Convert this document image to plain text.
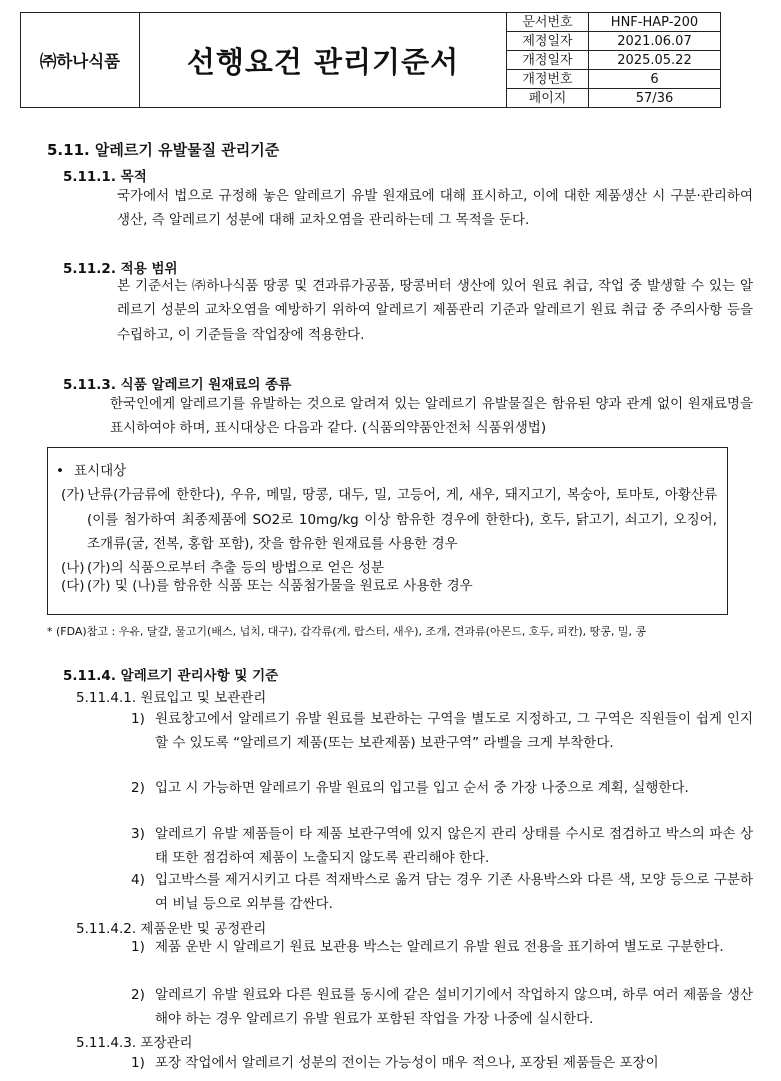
㈜하나식품	선행요건 관리기준서	문서번호	HNF-HAP-200
		제정일자	2021.06.07
		개정일자	2025.05.22
		개정번호	6
		페이지	57/36
5.11. 알레르기 유발물질 관리기준
5.11.1. 목적
국가에서 법으로 규정해 놓은 알레르기 유발 원재료에 대해 표시하고, 이에 대한 제품생산 시 구분·관리하여 생산, 즉 알레르기 성분에 대해 교차오염을 관리하는데 그 목적을 둔다.
5.11.2. 적용 범위
본 기준서는 ㈜하나식품 땅콩 및 견과류가공품, 땅콩버터 생산에 있어 원료 취급, 작업 중 발생할 수 있는 알레르기 성분의 교차오염을 예방하기 위하여 알레르기 제품관리 기준과 알레르기 원료 취급 중 주의사항 등을 수립하고, 이 기준들을 작업장에 적용한다.
5.11.3. 식품 알레르기 원재료의 종류
한국인에게 알레르기를 유발하는 것으로 알려져 있는 알레르기 유발물질은 함유된 양과 관계 없이 원재료명을 표시하여야 하며, 표시대상은 다음과 같다. (식품의약품안전처 식품위생법)
• 표시대상
(가) 난류(가금류에 한한다), 우유, 메밀, 땅콩, 대두, 밀, 고등어, 게, 새우, 돼지고기, 복숭아, 토마토, 아황산류(이를 첨가하여 최종제품에 SO2로 10mg/kg 이상 함유한 경우에 한한다), 호두, 닭고기, 쇠고기, 오징어, 조개류(굴, 전복, 홍합 포함), 잣을 함유한 원재료를 사용한 경우
(나) (가)의 식품으로부터 추출 등의 방법으로 얻은 성분
(다) (가) 및 (나)를 함유한 식품 또는 식품첨가물을 원료로 사용한 경우
* (FDA)참고 : 우유, 달걀, 물고기(배스, 넙치, 대구), 갑각류(게, 랍스터, 새우), 조개, 견과류(아몬드, 호두, 피칸), 땅콩, 밀, 콩
5.11.4. 알레르기 관리사항 및 기준
5.11.4.1. 원료입고 및 보관관리
1) 원료창고에서 알레르기 유발 원료를 보관하는 구역을 별도로 지정하고, 그 구역은 직원들이 쉽게 인지할 수 있도록 “알레르기 제품(또는 보관제품) 보관구역” 라벨을 크게 부착한다.
2) 입고 시 가능하면 알레르기 유발 원료의 입고를 입고 순서 중 가장 나중으로 계획, 실행한다.
3) 알레르기 유발 제품들이 타 제품 보관구역에 있지 않은지 관리 상태를 수시로 점검하고 박스의 파손 상태 또한 점검하여 제품이 노출되지 않도록 관리해야 한다.
4) 입고박스를 제거시키고 다른 적재박스로 옮겨 담는 경우 기존 사용박스와 다른 색, 모양 등으로 구분하여 비닐 등으로 외부를 감싼다.
5.11.4.2. 제품운반 및 공정관리
1) 제품 운반 시 알레르기 원료 보관용 박스는 알레르기 유발 원료 전용을 표기하여 별도로 구분한다.
2) 알레르기 유발 원료와 다른 원료를 동시에 같은 설비기기에서 작업하지 않으며, 하루 여러 제품을 생산해야 하는 경우 알레르기 유발 원료가 포함된 작업을 가장 나중에 실시한다.
5.11.4.3. 포장관리
1) 포장 작업에서 알레르기 성분의 전이는 가능성이 매우 적으나, 포장된 제품들은 포장이
